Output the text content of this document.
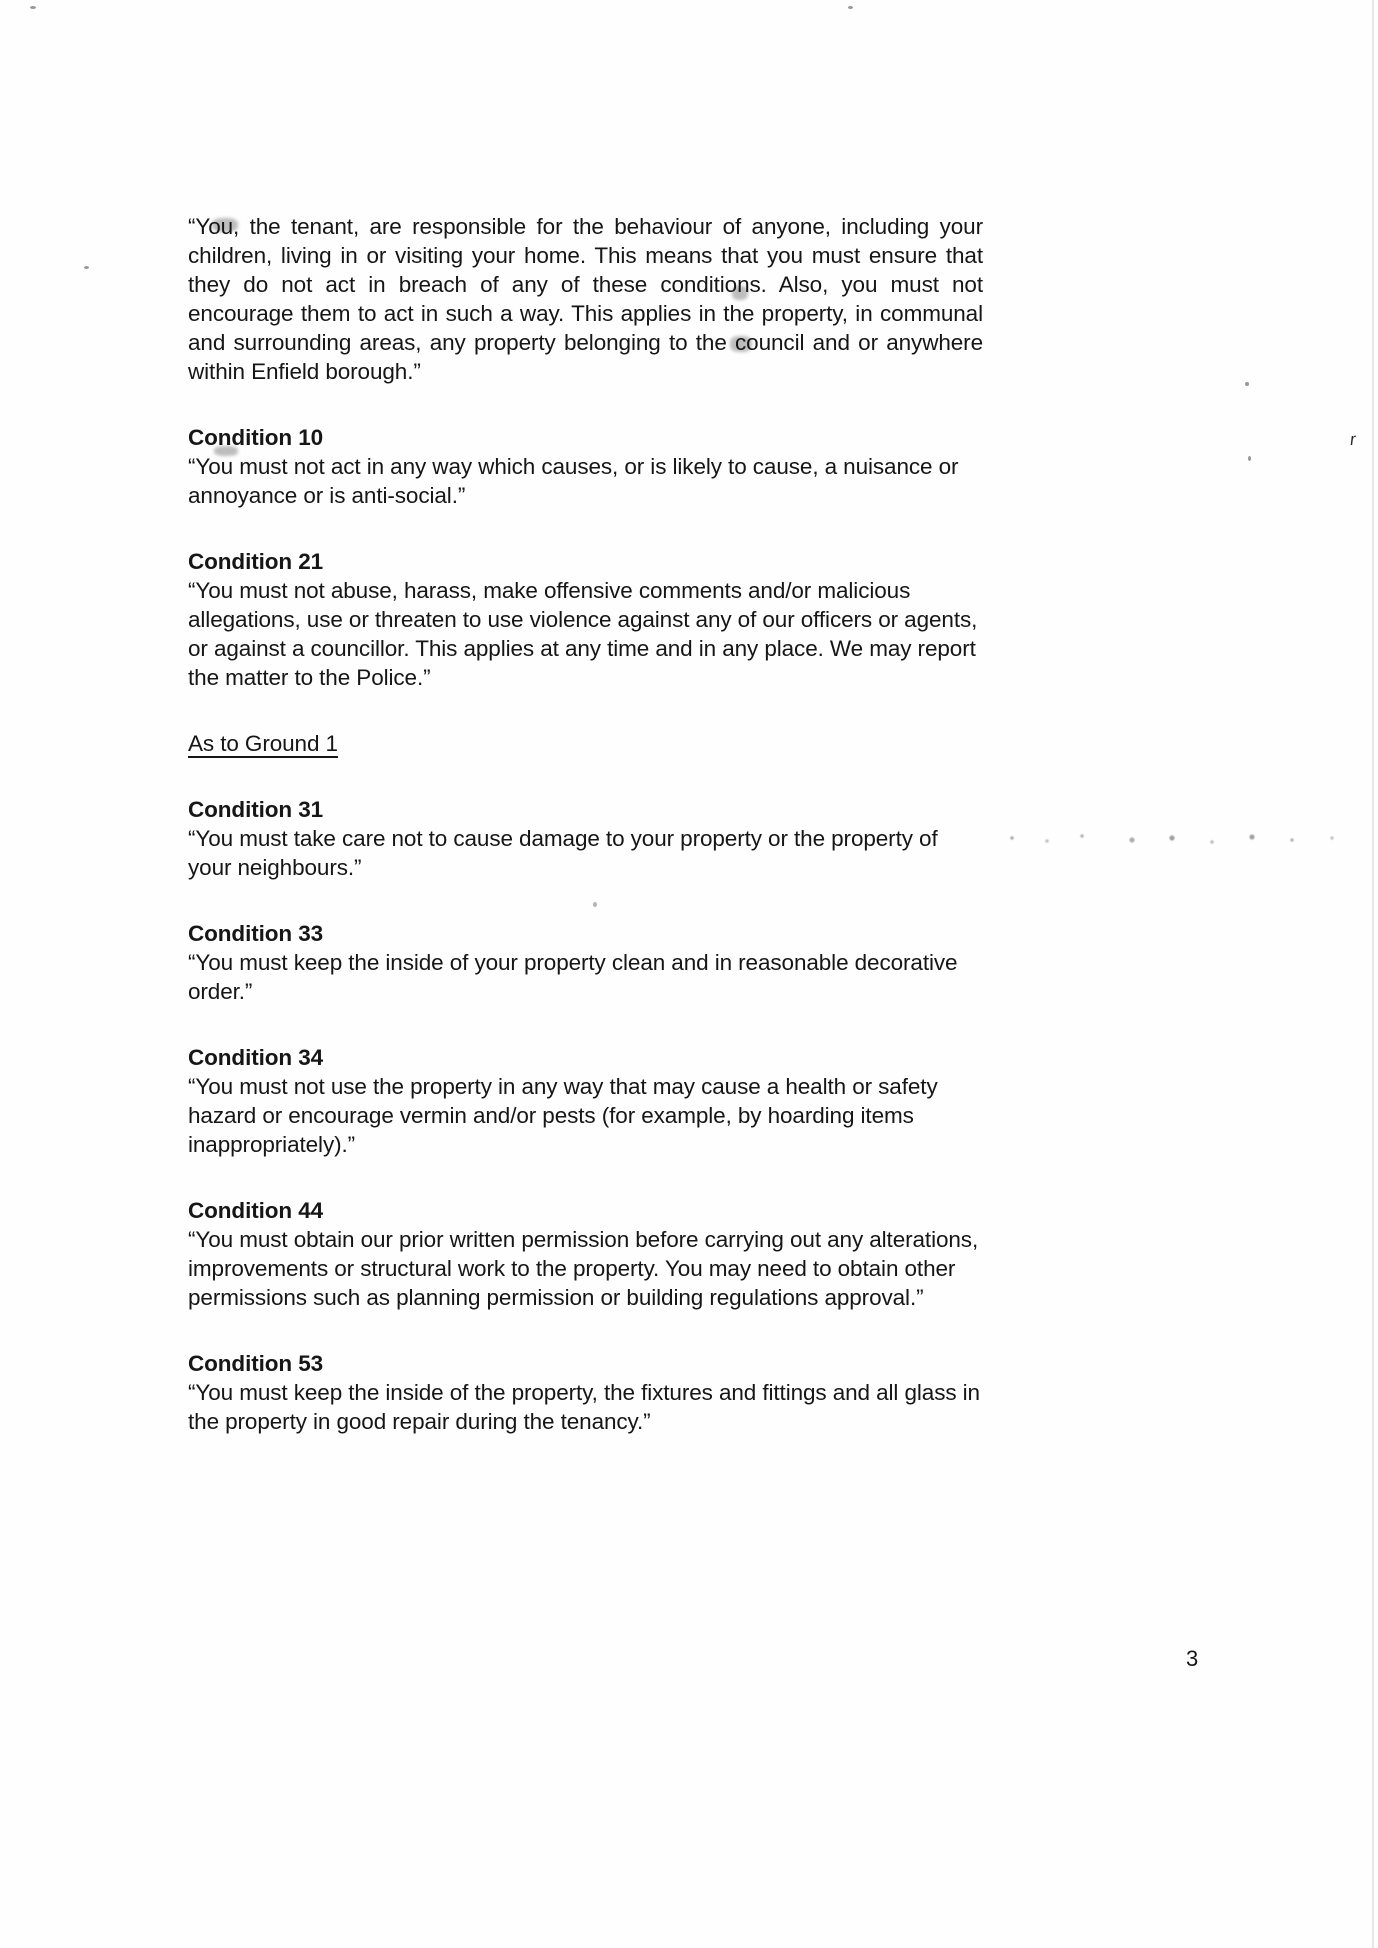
“You, the tenant, are responsible for the behaviour of anyone, including your children, living in or visiting your home. This means that you must ensure that they do not act in breach of any of these conditions. Also, you must not encourage them to act in such a way. This applies in the property, in communal and surrounding areas, any property belonging to the council and or anywhere within Enfield borough.”

Condition 10

“You must not act in any way which causes, or is likely to cause, a nuisance or annoyance or is anti-social.”

Condition 21

“You must not abuse, harass, make offensive comments and/or malicious allegations, use or threaten to use violence against any of our officers or agents, or against a councillor. This applies at any time and in any place. We may report the matter to the Police.”

As to Ground 1
Condition 31

“You must take care not to cause damage to your property or the property of your neighbours.”

Condition 33

“You must keep the inside of your property clean and in reasonable decorative order.”

Condition 34

“You must not use the property in any way that may cause a health or safety hazard or encourage vermin and/or pests (for example, by hoarding items inappropriately).”

Condition 44

“You must obtain our prior written permission before carrying out any alterations, improvements or structural work to the property. You may need to obtain other permissions such as planning permission or building regulations approval.”

Condition 53

“You must keep the inside of the property, the fixtures and fittings and all glass in the property in good repair during the tenancy.”

3
r
